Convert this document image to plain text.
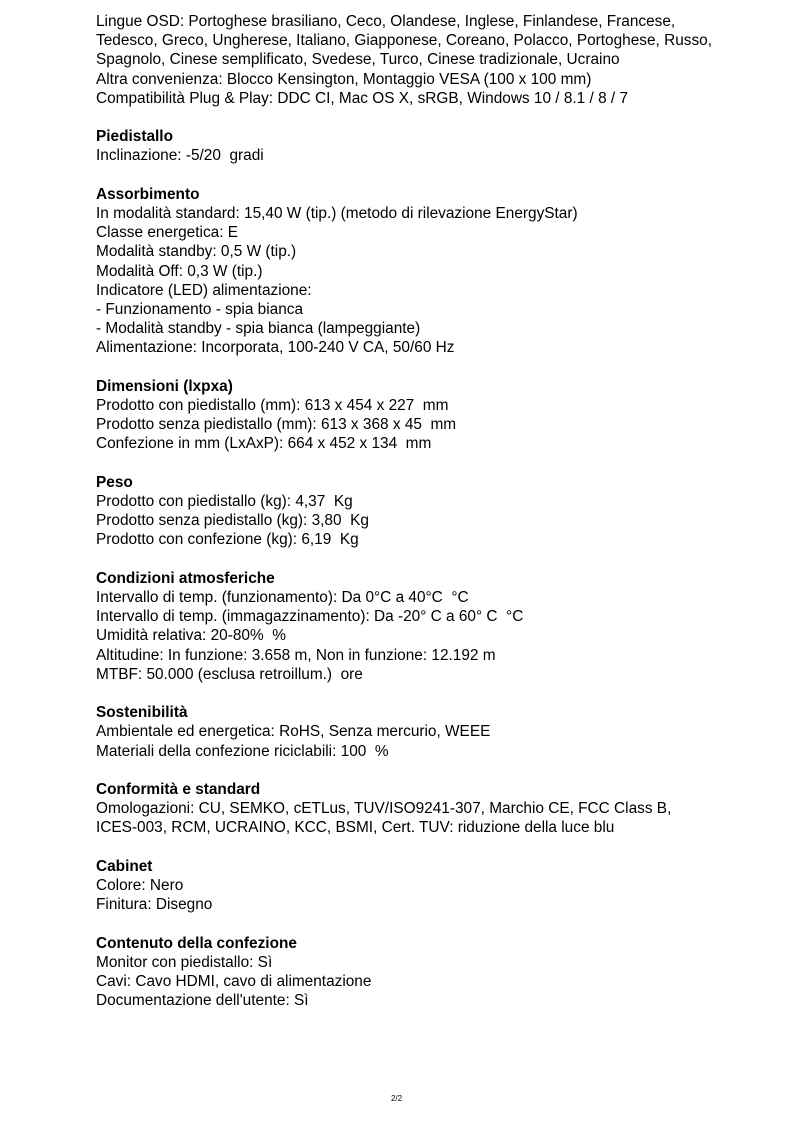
Lingue OSD: Portoghese brasiliano, Ceco, Olandese, Inglese, Finlandese, Francese,
Tedesco, Greco, Ungherese, Italiano, Giapponese, Coreano, Polacco, Portoghese, Russo,
Spagnolo, Cinese semplificato, Svedese, Turco, Cinese tradizionale, Ucraino
Altra convenienza: Blocco Kensington, Montaggio VESA (100 x 100 mm)
Compatibilità Plug & Play: DDC CI, Mac OS X, sRGB, Windows 10 / 8.1 / 8 / 7
Piedistallo
Inclinazione: -5/20  gradi
Assorbimento
In modalità standard: 15,40 W (tip.) (metodo di rilevazione EnergyStar)
Classe energetica: E
Modalità standby: 0,5 W (tip.)
Modalità Off: 0,3 W (tip.)
Indicatore (LED) alimentazione:
- Funzionamento - spia bianca
- Modalità standby - spia bianca (lampeggiante)
Alimentazione: Incorporata, 100-240 V CA, 50/60 Hz
Dimensioni (lxpxa)
Prodotto con piedistallo (mm): 613 x 454 x 227  mm
Prodotto senza piedistallo (mm): 613 x 368 x 45  mm
Confezione in mm (LxAxP): 664 x 452 x 134  mm
Peso
Prodotto con piedistallo (kg): 4,37  Kg
Prodotto senza piedistallo (kg): 3,80  Kg
Prodotto con confezione (kg): 6,19  Kg
Condizioni atmosferiche
Intervallo di temp. (funzionamento): Da 0°C a 40°C  °C
Intervallo di temp. (immagazzinamento): Da -20° C a 60° C  °C
Umidità relativa: 20-80%  %
Altitudine: In funzione: 3.658 m, Non in funzione: 12.192 m
MTBF: 50.000 (esclusa retroillum.)  ore
Sostenibilità
Ambientale ed energetica: RoHS, Senza mercurio, WEEE
Materiali della confezione riciclabili: 100  %
Conformità e standard
Omologazioni: CU, SEMKO, cETLus, TUV/ISO9241-307, Marchio CE, FCC Class B,
ICES-003, RCM, UCRAINO, KCC, BSMI, Cert. TUV: riduzione della luce blu
Cabinet
Colore: Nero
Finitura: Disegno
Contenuto della confezione
Monitor con piedistallo: Sì
Cavi: Cavo HDMI, cavo di alimentazione
Documentazione dell'utente: Sì
2/2
